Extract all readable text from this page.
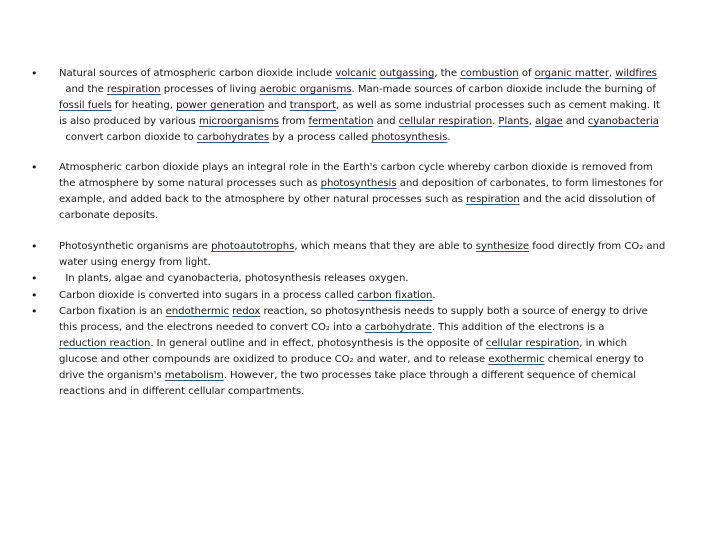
• Natural sources of atmospheric carbon dioxide include volcanic outgassing, the combustion of organic matter, wildfires
and the respiration processes of living aerobic organisms. Man-made sources of carbon dioxide include the burning of
fossil fuels for heating, power generation and transport, as well as some industrial processes such as cement making. It
is also produced by various microorganisms from fermentation and cellular respiration. Plants, algae and cyanobacteria
convert carbon dioxide to carbohydrates by a process called photosynthesis.
• Atmospheric carbon dioxide plays an integral role in the Earth's carbon cycle whereby carbon dioxide is removed from
the atmosphere by some natural processes such as photosynthesis and deposition of carbonates, to form limestones for
example, and added back to the atmosphere by other natural processes such as respiration and the acid dissolution of
carbonate deposits.
• Photosynthetic organisms are photoautotrophs, which means that they are able to synthesize food directly from CO₂ and
water using energy from light.
• In plants, algae and cyanobacteria, photosynthesis releases oxygen.
• Carbon dioxide is converted into sugars in a process called carbon fixation.
• Carbon fixation is an endothermic redox reaction, so photosynthesis needs to supply both a source of energy to drive
this process, and the electrons needed to convert CO₂ into a carbohydrate. This addition of the electrons is a
reduction reaction. In general outline and in effect, photosynthesis is the opposite of cellular respiration, in which
glucose and other compounds are oxidized to produce CO₂ and water, and to release exothermic chemical energy to
drive the organism's metabolism. However, the two processes take place through a different sequence of chemical
reactions and in different cellular compartments.
